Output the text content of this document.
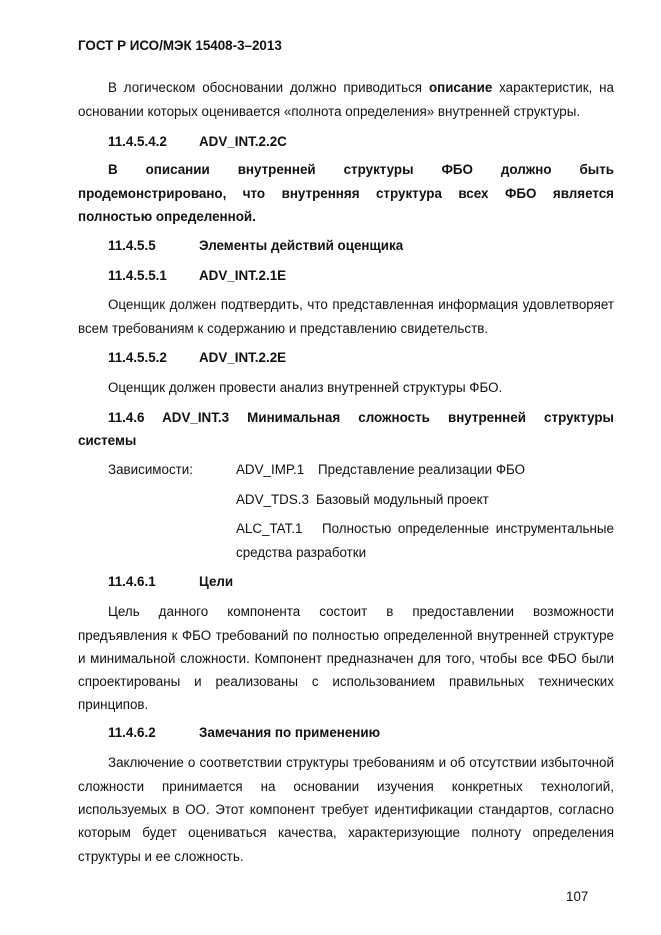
ГОСТ Р ИСО/МЭК 15408-3–2013
В логическом обосновании должно приводиться описание характеристик, на
основании которых оценивается «полнота определения» внутренней структуры.
11.4.5.4.2 ADV_INT.2.2C
В описании внутренней структуры ФБО должно быть
продемонстрировано, что внутренняя структура всех ФБО является
полностью определенной.
11.4.5.5	Элементы действий оценщика
11.4.5.5.1 ADV_INT.2.1E
Оценщик должен подтвердить, что представленная информация удовлетворяет
всем требованиям к содержанию и представлению свидетельств.
11.4.5.5.2 ADV_INT.2.2E
Оценщик должен провести анализ внутренней структуры ФБО.
11.4.6 ADV_INT.3 Минимальная сложность внутренней структуры
системы
Зависимости:	ADV_IMP.1 Представление реализации ФБО
ADV_TDS.3 Базовый модульный проект
ALC_TAT.1 Полностью определенные инструментальные
средства разработки
11.4.6.1	Цели
Цель данного компонента состоит в предоставлении возможности
предъявления к ФБО требований по полностью определенной внутренней структуре
и минимальной сложности. Компонент предназначен для того, чтобы все ФБО были
спроектированы и реализованы с использованием правильных технических
принципов.
11.4.6.2	Замечания по применению
Заключение о соответствии структуры требованиям и об отсутствии избыточной
сложности принимается на основании изучения конкретных технологий,
используемых в ОО. Этот компонент требует идентификации стандартов, согласно
которым будет оцениваться качества, характеризующие полноту определения
структуры и ее сложность.
107
